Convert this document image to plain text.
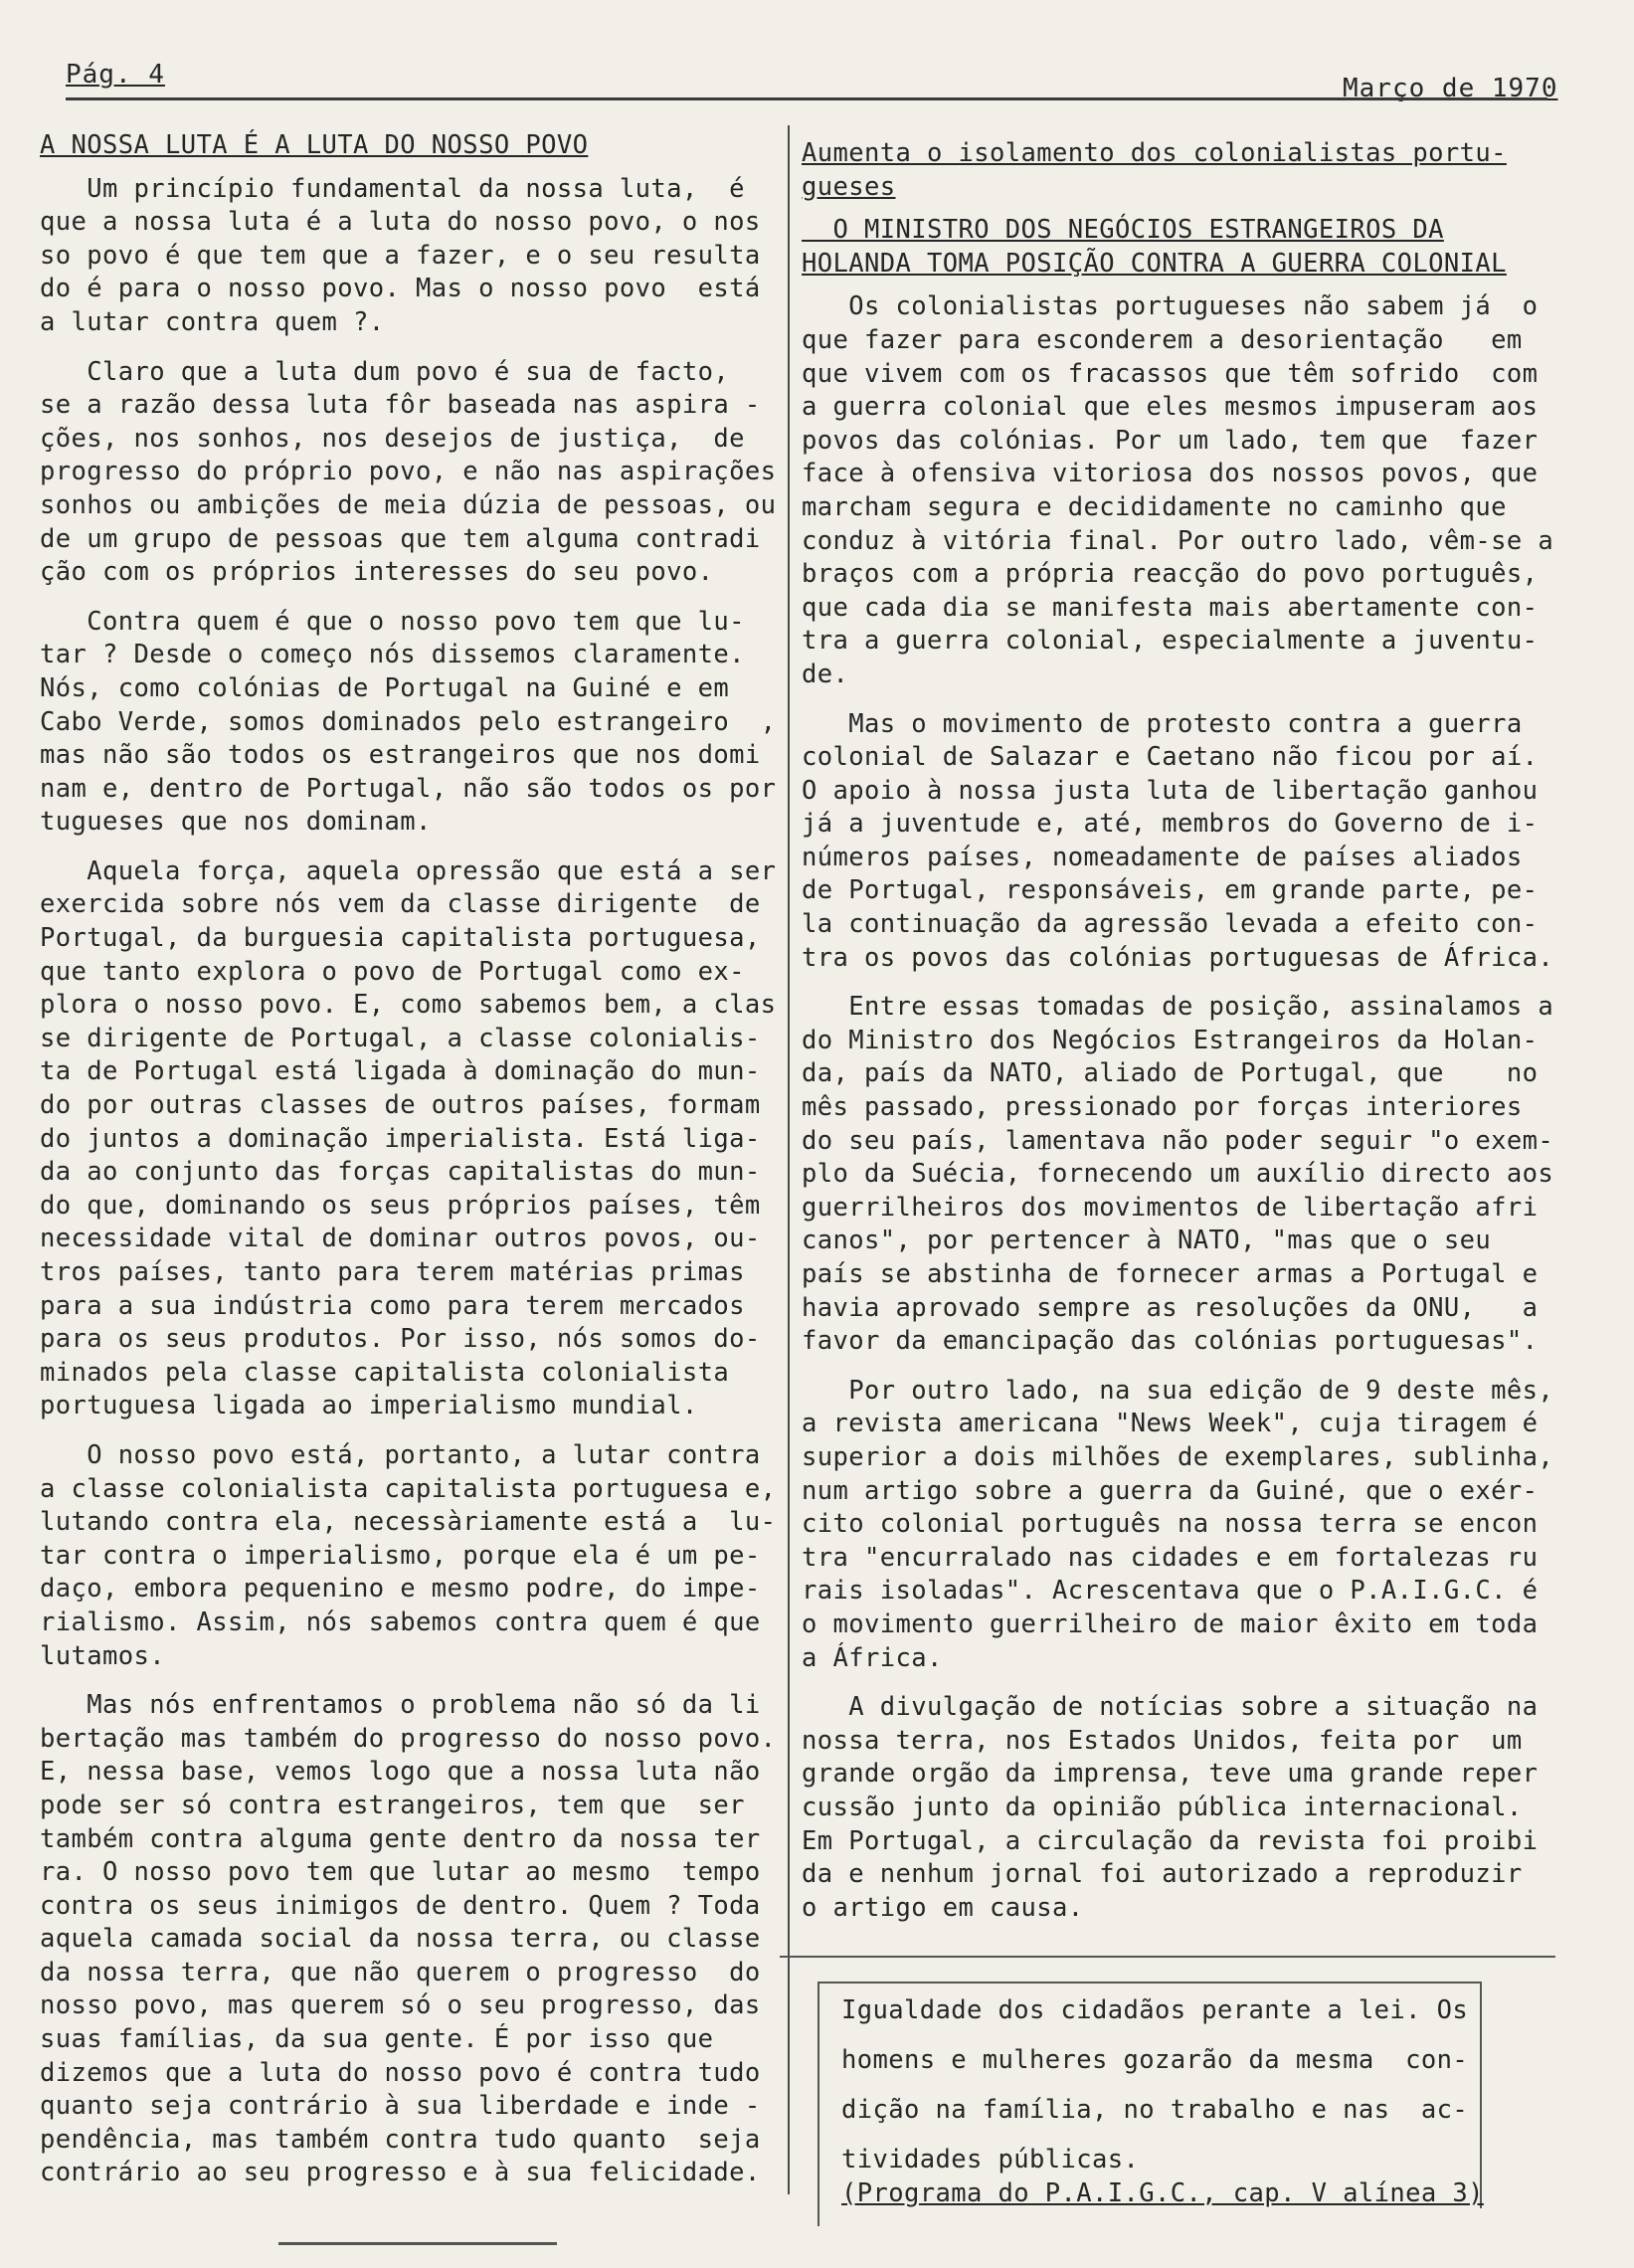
Pág. 4	Março de 1970

A NOSSA LUTA É A LUTA DO NOSSO POVO

Um princípio fundamental da nossa luta,  é

que a nossa luta é a luta do nosso povo, o nos

so povo é que tem que a fazer, e o seu resulta

do é para o nosso povo. Mas o nosso povo  está

a lutar contra quem ?.

Claro que a luta dum povo é sua de facto,

se a razão dessa luta fôr baseada nas aspira -

ções, nos sonhos, nos desejos de justiça,  de

progresso do próprio povo, e não nas aspirações

sonhos ou ambições de meia dúzia de pessoas, ou

de um grupo de pessoas que tem alguma contradi

ção com os próprios interesses do seu povo.

Contra quem é que o nosso povo tem que lu-

tar ? Desde o começo nós dissemos claramente.

Nós, como colónias de Portugal na Guiné e em

Cabo Verde, somos dominados pelo estrangeiro  ,

mas não são todos os estrangeiros que nos domi

nam e, dentro de Portugal, não são todos os por

tugueses que nos dominam.

Aquela força, aquela opressão que está a ser

exercida sobre nós vem da classe dirigente  de

Portugal, da burguesia capitalista portuguesa,

que tanto explora o povo de Portugal como ex-

plora o nosso povo. E, como sabemos bem, a clas

se dirigente de Portugal, a classe colonialis-

ta de Portugal está ligada à dominação do mun-

do por outras classes de outros países, formam

do juntos a dominação imperialista. Está liga-

da ao conjunto das forças capitalistas do mun-

do que, dominando os seus próprios países, têm

necessidade vital de dominar outros povos, ou-

tros países, tanto para terem matérias primas

para a sua indústria como para terem mercados

para os seus produtos. Por isso, nós somos do-

minados pela classe capitalista colonialista

portuguesa ligada ao imperialismo mundial.

O nosso povo está, portanto, a lutar contra

a classe colonialista capitalista portuguesa e,

lutando contra ela, necessàriamente está a  lu-

tar contra o imperialismo, porque ela é um pe-

daço, embora pequenino e mesmo podre, do impe-

rialismo. Assim, nós sabemos contra quem é que

lutamos.

Mas nós enfrentamos o problema não só da li

bertação mas também do progresso do nosso povo.

E, nessa base, vemos logo que a nossa luta não

pode ser só contra estrangeiros, tem que  ser

também contra alguma gente dentro da nossa ter

ra. O nosso povo tem que lutar ao mesmo  tempo

contra os seus inimigos de dentro. Quem ? Toda

aquela camada social da nossa terra, ou classe

da nossa terra, que não querem o progresso  do

nosso povo, mas querem só o seu progresso, das

suas famílias, da sua gente. É por isso que

dizemos que a luta do nosso povo é contra tudo

quanto seja contrário à sua liberdade e inde -

pendência, mas também contra tudo quanto  seja

contrário ao seu progresso e à sua felicidade.

Aumenta o isolamento dos colonialistas portu-

gueses

O MINISTRO DOS NEGÓCIOS ESTRANGEIROS DA

HOLANDA TOMA POSIÇÃO CONTRA A GUERRA COLONIAL

Os colonialistas portugueses não sabem já  o

que fazer para esconderem a desorientação   em

que vivem com os fracassos que têm sofrido  com

a guerra colonial que eles mesmos impuseram aos

povos das colónias. Por um lado, tem que  fazer

face à ofensiva vitoriosa dos nossos povos, que

marcham segura e decididamente no caminho que

conduz à vitória final. Por outro lado, vêm-se a

braços com a própria reacção do povo português,

que cada dia se manifesta mais abertamente con-

tra a guerra colonial, especialmente a juventu-

de.

Mas o movimento de protesto contra a guerra

colonial de Salazar e Caetano não ficou por aí.

O apoio à nossa justa luta de libertação ganhou

já a juventude e, até, membros do Governo de i-

números países, nomeadamente de países aliados

de Portugal, responsáveis, em grande parte, pe-

la continuação da agressão levada a efeito con-

tra os povos das colónias portuguesas de África.

Entre essas tomadas de posição, assinalamos a

do Ministro dos Negócios Estrangeiros da Holan-

da, país da NATO, aliado de Portugal, que    no

mês passado, pressionado por forças interiores

do seu país, lamentava não poder seguir "o exem-

plo da Suécia, fornecendo um auxílio directo aos

guerrilheiros dos movimentos de libertação afri

canos", por pertencer à NATO, "mas que o seu

país se abstinha de fornecer armas a Portugal e

havia aprovado sempre as resoluções da ONU,   a

favor da emancipação das colónias portuguesas".

Por outro lado, na sua edição de 9 deste mês,

a revista americana "News Week", cuja tiragem é

superior a dois milhões de exemplares, sublinha,

num artigo sobre a guerra da Guiné, que o exér-

cito colonial português na nossa terra se encon

tra "encurralado nas cidades e em fortalezas ru

rais isoladas". Acrescentava que o P.A.I.G.C. é

o movimento guerrilheiro de maior êxito em toda

a África.

A divulgação de notícias sobre a situação na

nossa terra, nos Estados Unidos, feita por  um

grande orgão da imprensa, teve uma grande reper

cussão junto da opinião pública internacional.

Em Portugal, a circulação da revista foi proibi

da e nenhum jornal foi autorizado a reproduzir

o artigo em causa.

Igualdade dos cidadãos perante a lei. Os

homens e mulheres gozarão da mesma  con-

dição na família, no trabalho e nas  ac-

tividades públicas.

(Programa do P.A.I.G.C., cap. V alínea 3)
